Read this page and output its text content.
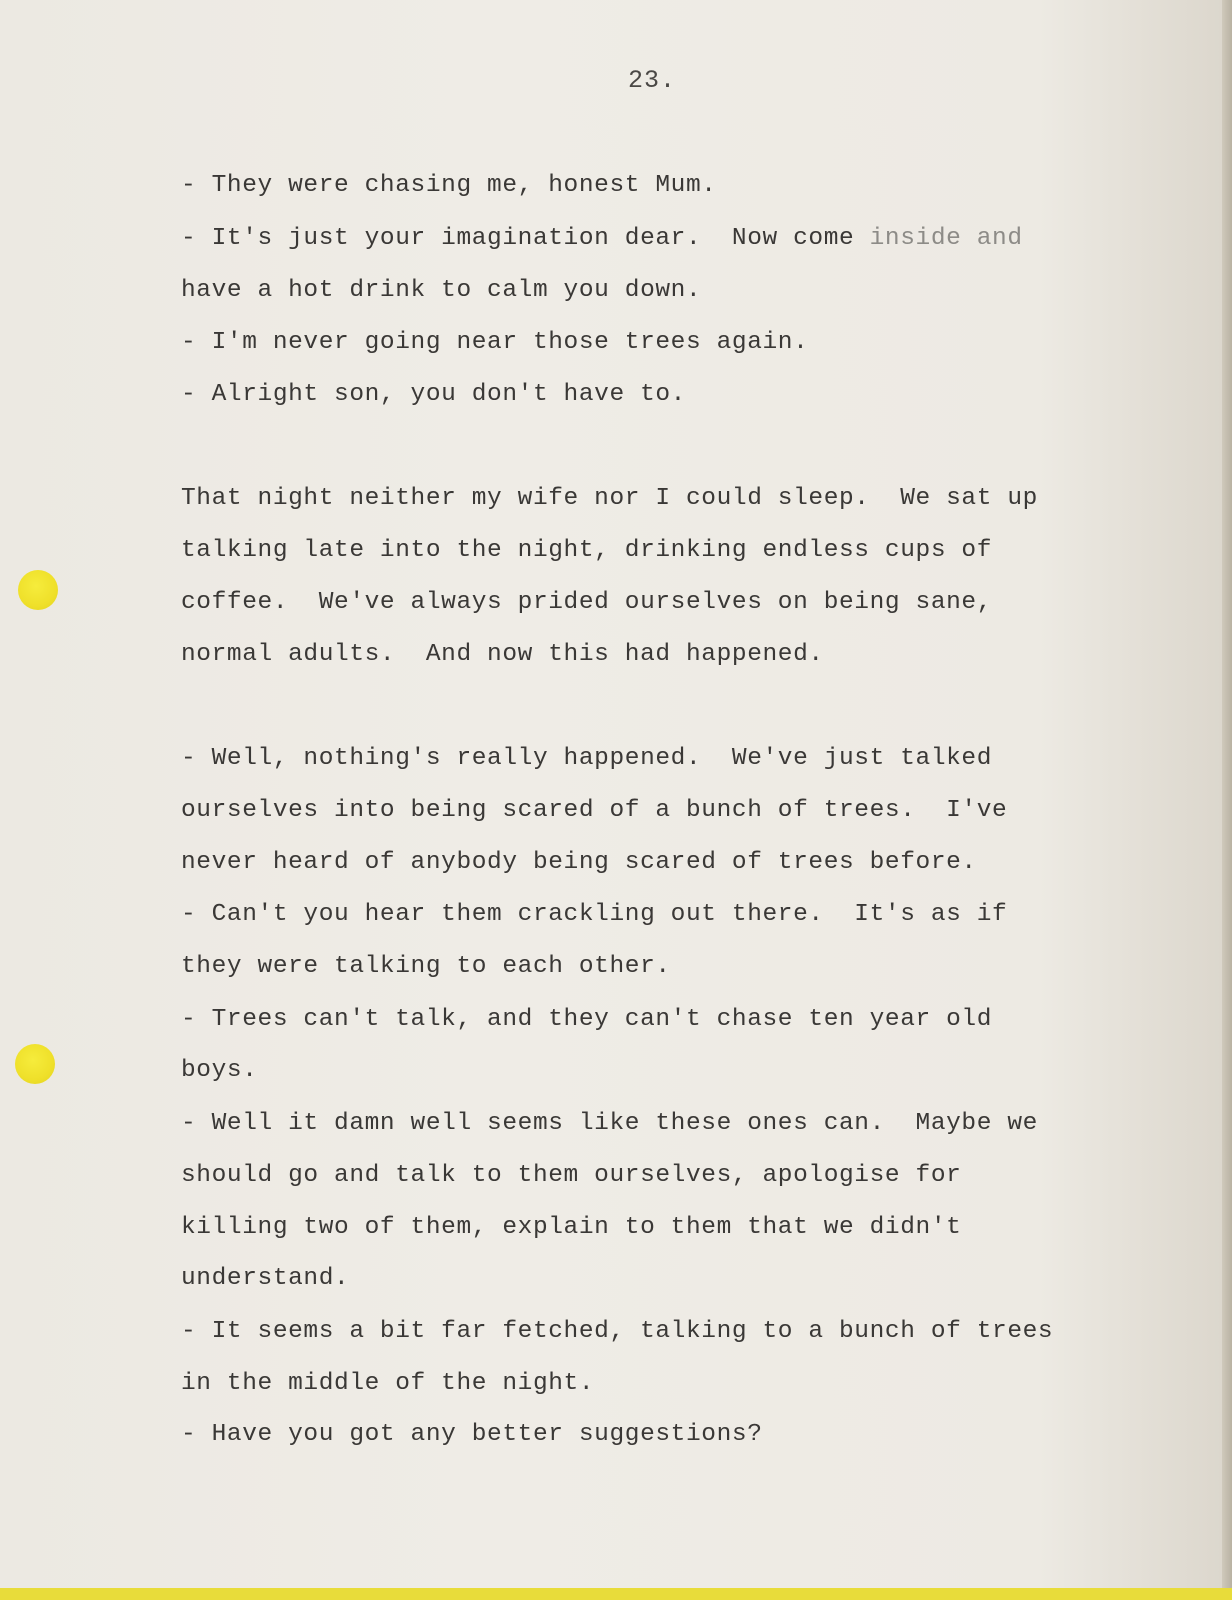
23.
- They were chasing me, honest Mum.
- It's just your imagination dear.  Now come inside and
have a hot drink to calm you down.
- I'm never going near those trees again.
- Alright son, you don't have to.
That night neither my wife nor I could sleep.  We sat up
talking late into the night, drinking endless cups of
coffee.  We've always prided ourselves on being sane,
normal adults.  And now this had happened.
- Well, nothing's really happened.  We've just talked
ourselves into being scared of a bunch of trees.  I've
never heard of anybody being scared of trees before.
- Can't you hear them crackling out there.  It's as if
they were talking to each other.
- Trees can't talk, and they can't chase ten year old
boys.
- Well it damn well seems like these ones can.  Maybe we
should go and talk to them ourselves, apologise for
killing two of them, explain to them that we didn't
understand.
- It seems a bit far fetched, talking to a bunch of trees
in the middle of the night.
- Have you got any better suggestions?
